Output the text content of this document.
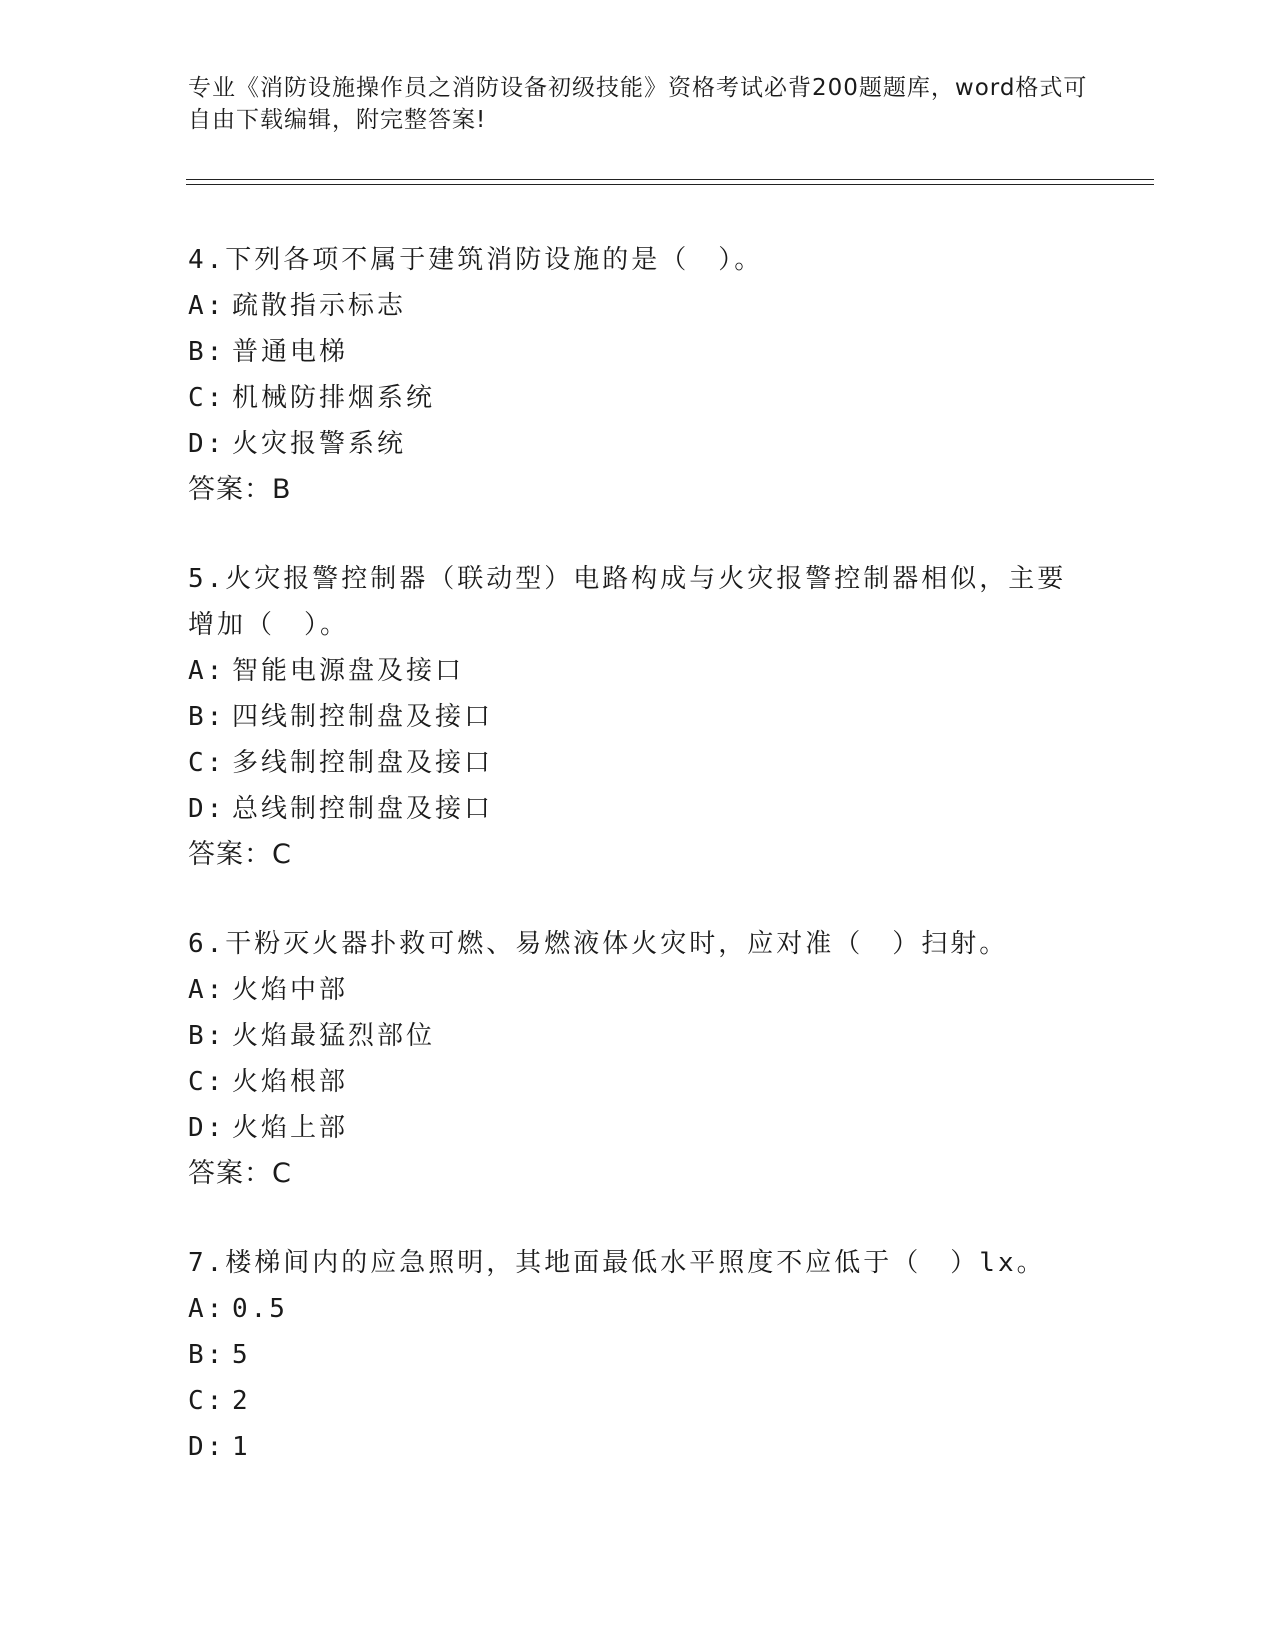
专业《消防设施操作员之消防设备初级技能》资格考试必背200题题库，word格式可自由下载编辑，附完整答案!
4.下列各项不属于建筑消防设施的是（　）。
A: 疏散指示标志
B: 普通电梯
C: 机械防排烟系统
D: 火灾报警系统
答案：B
5.火灾报警控制器（联动型）电路构成与火灾报警控制器相似，主要增加（　）。
A: 智能电源盘及接口
B: 四线制控制盘及接口
C: 多线制控制盘及接口
D: 总线制控制盘及接口
答案：C
6.干粉灭火器扑救可燃、易燃液体火灾时，应对准（　）扫射。
A: 火焰中部
B: 火焰最猛烈部位
C: 火焰根部
D: 火焰上部
答案：C
7.楼梯间内的应急照明，其地面最低水平照度不应低于（　）lx。
A: 0.5
B: 5
C: 2
D: 1
